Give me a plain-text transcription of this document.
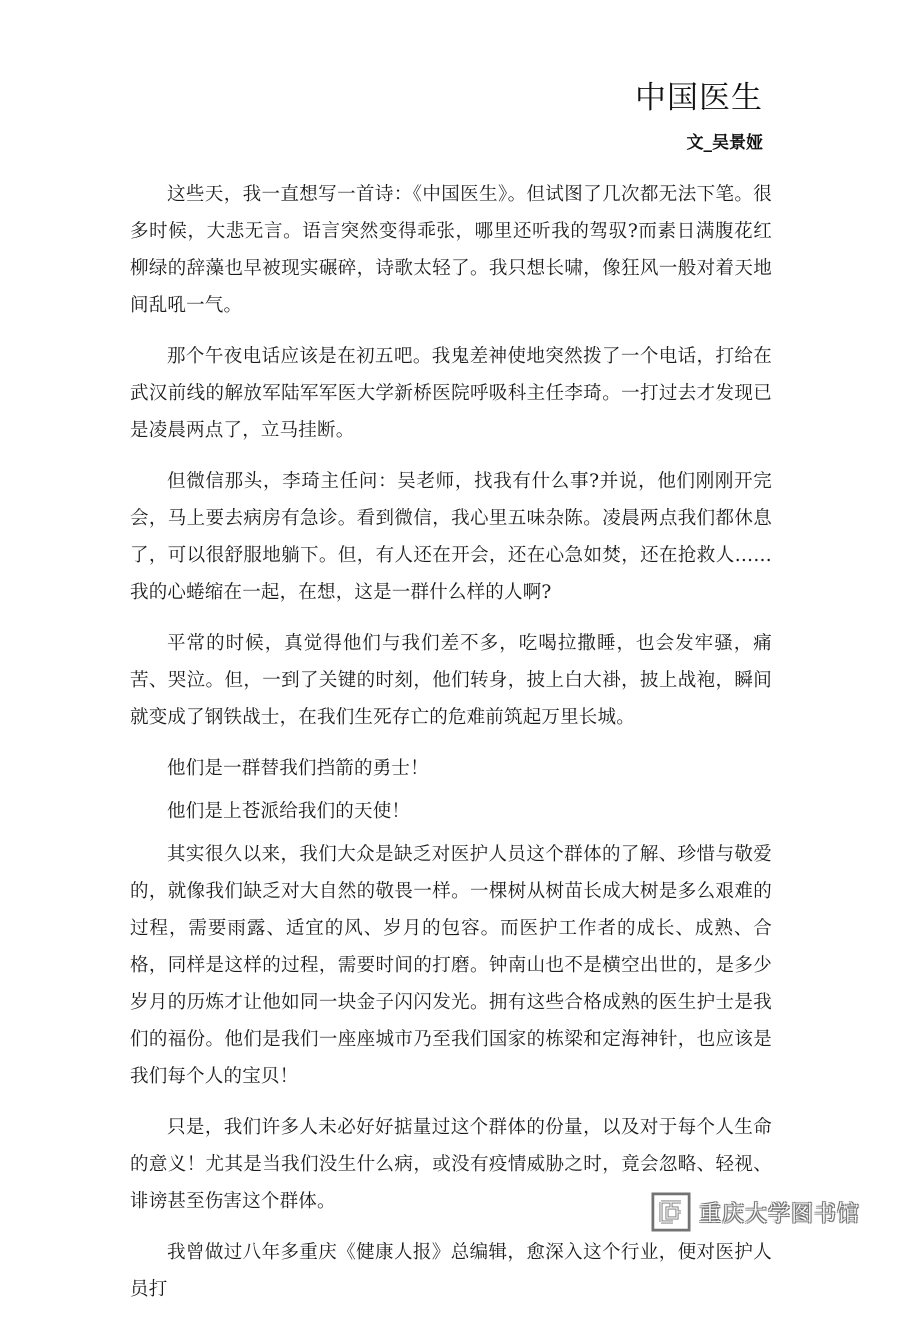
中国医生
文_吴景娅

这些天，我一直想写一首诗：《中国医生》。但试图了几次都无法下笔。很多时候，大悲无言。语言突然变得乖张，哪里还听我的驾驭?而素日满腹花红柳绿的辞藻也早被现实碾碎，诗歌太轻了。我只想长啸，像狂风一般对着天地间乱吼一气。

那个午夜电话应该是在初五吧。我鬼差神使地突然拨了一个电话，打给在武汉前线的解放军陆军军医大学新桥医院呼吸科主任李琦。一打过去才发现已是凌晨两点了，立马挂断。

但微信那头，李琦主任问：吴老师，找我有什么事?并说，他们刚刚开完会，马上要去病房有急诊。看到微信，我心里五味杂陈。凌晨两点我们都休息了，可以很舒服地躺下。但，有人还在开会，还在心急如焚，还在抢救人……我的心蜷缩在一起，在想，这是一群什么样的人啊?

平常的时候，真觉得他们与我们差不多，吃喝拉撒睡，也会发牢骚，痛苦、哭泣。但，一到了关键的时刻，他们转身，披上白大褂，披上战袍，瞬间就变成了钢铁战士，在我们生死存亡的危难前筑起万里长城。

他们是一群替我们挡箭的勇士！

他们是上苍派给我们的天使！

其实很久以来，我们大众是缺乏对医护人员这个群体的了解、珍惜与敬爱的，就像我们缺乏对大自然的敬畏一样。一棵树从树苗长成大树是多么艰难的过程，需要雨露、适宜的风、岁月的包容。而医护工作者的成长、成熟、合格，同样是这样的过程，需要时间的打磨。钟南山也不是横空出世的，是多少岁月的历炼才让他如同一块金子闪闪发光。拥有这些合格成熟的医生护士是我们的福份。他们是我们一座座城市乃至我们国家的栋梁和定海神针，也应该是我们每个人的宝贝！

只是，我们许多人未必好好掂量过这个群体的份量，以及对于每个人生命的意义！尤其是当我们没生什么病，或没有疫情威胁之时，竟会忽略、轻视、诽谤甚至伤害这个群体。

我曾做过八年多重庆《健康人报》总编辑，愈深入这个行业，便对医护人员打

重庆大学图书馆
